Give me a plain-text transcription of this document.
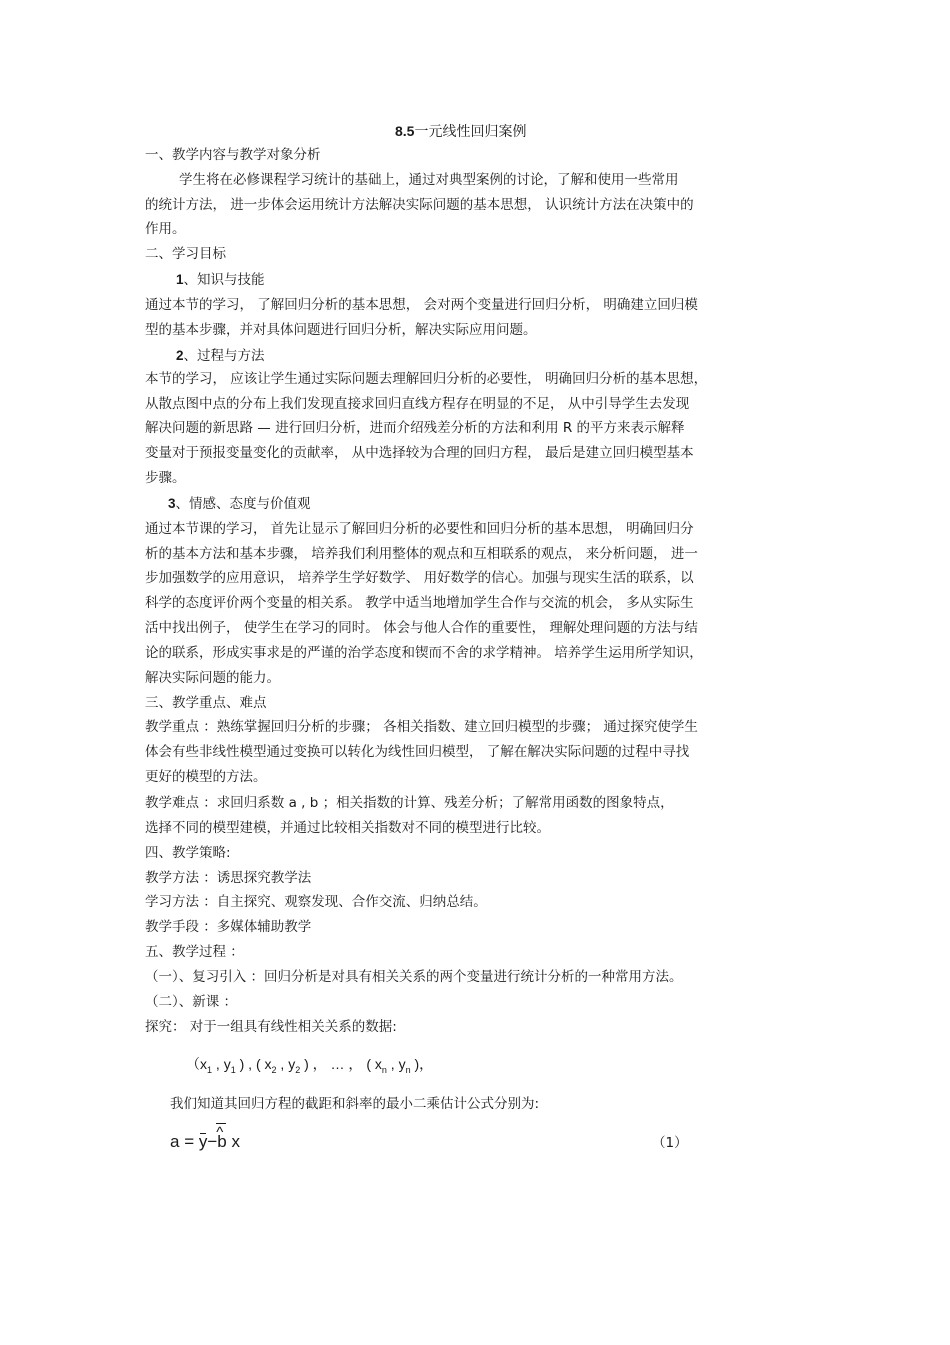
8.5一元线性回归案例
一、教学内容与教学对象分析
学生将在必修课程学习统计的基础上，通过对典型案例的讨论，了解和使用一些常用
的统计方法， 进一步体会运用统计方法解决实际问题的基本思想， 认识统计方法在决策中的
作用。
二、学习目标
1、知识与技能
通过本节的学习， 了解回归分析的基本思想， 会对两个变量进行回归分析， 明确建立回归模
型的基本步骤，并对具体问题进行回归分析，解决实际应用问题。
2、过程与方法
本节的学习， 应该让学生通过实际问题去理解回归分析的必要性， 明确回归分析的基本思想，
从散点图中点的分布上我们发现直接求回归直线方程存在明显的不足， 从中引导学生去发现
解决问题的新思路 — 进行回归分析，进而介绍残差分析的方法和利用 R 的平方来表示解释
变量对于预报变量变化的贡献率， 从中选择较为合理的回归方程， 最后是建立回归模型基本
步骤。
3、情感、态度与价值观
通过本节课的学习， 首先让显示了解回归分析的必要性和回归分析的基本思想， 明确回归分
析的基本方法和基本步骤， 培养我们利用整体的观点和互相联系的观点， 来分析问题， 进一
步加强数学的应用意识， 培养学生学好数学、 用好数学的信心。加强与现实生活的联系，以
科学的态度评价两个变量的相关系。 教学中适当地增加学生合作与交流的机会， 多从实际生
活中找出例子， 使学生在学习的同时。 体会与他人合作的重要性， 理解处理问题的方法与结
论的联系，形成实事求是的严谨的治学态度和锲而不舍的求学精神。 培养学生运用所学知识，
解决实际问题的能力。
三、教学重点、难点
教学重点 ：熟练掌握回归分析的步骤； 各相关指数、建立回归模型的步骤； 通过探究使学生
体会有些非线性模型通过变换可以转化为线性回归模型， 了解在解决实际问题的过程中寻找
更好的模型的方法。
教学难点 ：求回归系数 a , b ；相关指数的计算、残差分析；了解常用函数的图象特点，
选择不同的模型建模，并通过比较相关指数对不同的模型进行比较。
四、教学策略:
教学方法 ：诱思探究教学法
学习方法 ：自主探究、观察发现、合作交流、归纳总结。
教学手段 ：多媒体辅助教学
五、教学过程 ：
（一）、复习引入 ：回归分析是对具有相关关系的两个变量进行统计分析的一种常用方法。
（二）、新课 ：
探究： 对于一组具有线性相关关系的数据:
（$x_1$ , $y_1$ ) , ( $x_2$ , $y_2$ ) ， … ， ( $x_n$ , $y_n$ )，
我们知道其回归方程的截距和斜率的最小二乘估计公式分别为:
a = y−^ b x	（1）
